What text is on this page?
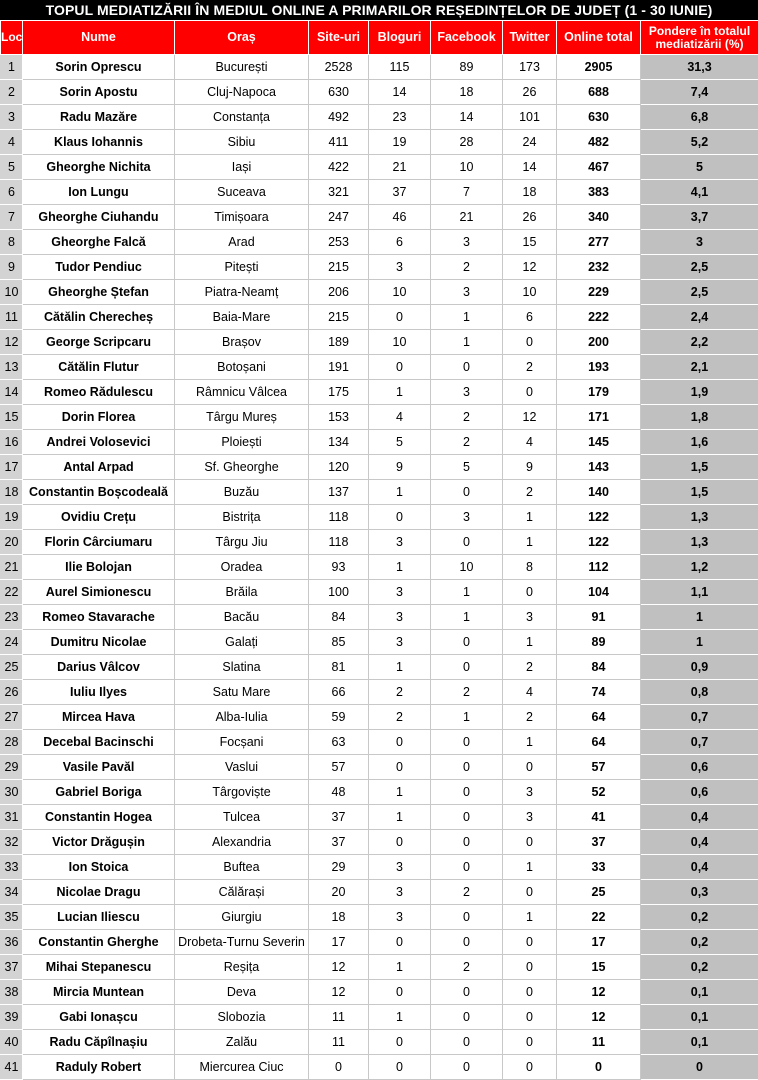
TOPUL MEDIATIZĂRII ÎN MEDIUL ONLINE A PRIMARILOR REȘEDINȚELOR DE JUDEȚ (1 - 30 IUNIE)
Loc	Nume	Oraș	Site-uri	Bloguri	Facebook	Twitter	Online total	Pondere în totalul
mediatizării (%)
1	Sorin Oprescu	București	2528	115	89	173	2905	31,3
2	Sorin Apostu	Cluj-Napoca	630	14	18	26	688	7,4
3	Radu Mazăre	Constanța	492	23	14	101	630	6,8
4	Klaus Iohannis	Sibiu	411	19	28	24	482	5,2
5	Gheorghe Nichita	Iași	422	21	10	14	467	5
6	Ion Lungu	Suceava	321	37	7	18	383	4,1
7	Gheorghe Ciuhandu	Timișoara	247	46	21	26	340	3,7
8	Gheorghe Falcă	Arad	253	6	3	15	277	3
9	Tudor Pendiuc	Pitești	215	3	2	12	232	2,5
10	Gheorghe Ștefan	Piatra-Neamț	206	10	3	10	229	2,5
11	Cătălin Cherecheș	Baia-Mare	215	0	1	6	222	2,4
12	George Scripcaru	Brașov	189	10	1	0	200	2,2
13	Cătălin Flutur	Botoșani	191	0	0	2	193	2,1
14	Romeo Rădulescu	Râmnicu Vâlcea	175	1	3	0	179	1,9
15	Dorin Florea	Târgu Mureș	153	4	2	12	171	1,8
16	Andrei Volosevici	Ploiești	134	5	2	4	145	1,6
17	Antal Arpad	Sf. Gheorghe	120	9	5	9	143	1,5
18	Constantin Boșcodeală	Buzău	137	1	0	2	140	1,5
19	Ovidiu Crețu	Bistrița	118	0	3	1	122	1,3
20	Florin Cârciumaru	Târgu Jiu	118	3	0	1	122	1,3
21	Ilie Bolojan	Oradea	93	1	10	8	112	1,2
22	Aurel Simionescu	Brăila	100	3	1	0	104	1,1
23	Romeo Stavarache	Bacău	84	3	1	3	91	1
24	Dumitru Nicolae	Galați	85	3	0	1	89	1
25	Darius Vâlcov	Slatina	81	1	0	2	84	0,9
26	Iuliu Ilyes	Satu Mare	66	2	2	4	74	0,8
27	Mircea Hava	Alba-Iulia	59	2	1	2	64	0,7
28	Decebal Bacinschi	Focșani	63	0	0	1	64	0,7
29	Vasile Pavăl	Vaslui	57	0	0	0	57	0,6
30	Gabriel Boriga	Târgoviște	48	1	0	3	52	0,6
31	Constantin Hogea	Tulcea	37	1	0	3	41	0,4
32	Victor Drăgușin	Alexandria	37	0	0	0	37	0,4
33	Ion Stoica	Buftea	29	3	0	1	33	0,4
34	Nicolae Dragu	Călărași	20	3	2	0	25	0,3
35	Lucian Iliescu	Giurgiu	18	3	0	1	22	0,2
36	Constantin Gherghe	Drobeta-Turnu Severin	17	0	0	0	17	0,2
37	Mihai Stepanescu	Reșița	12	1	2	0	15	0,2
38	Mircia Muntean	Deva	12	0	0	0	12	0,1
39	Gabi Ionașcu	Slobozia	11	1	0	0	12	0,1
40	Radu Căpîlnașiu	Zalău	11	0	0	0	11	0,1
41	Raduly Robert	Miercurea Ciuc	0	0	0	0	0	0
